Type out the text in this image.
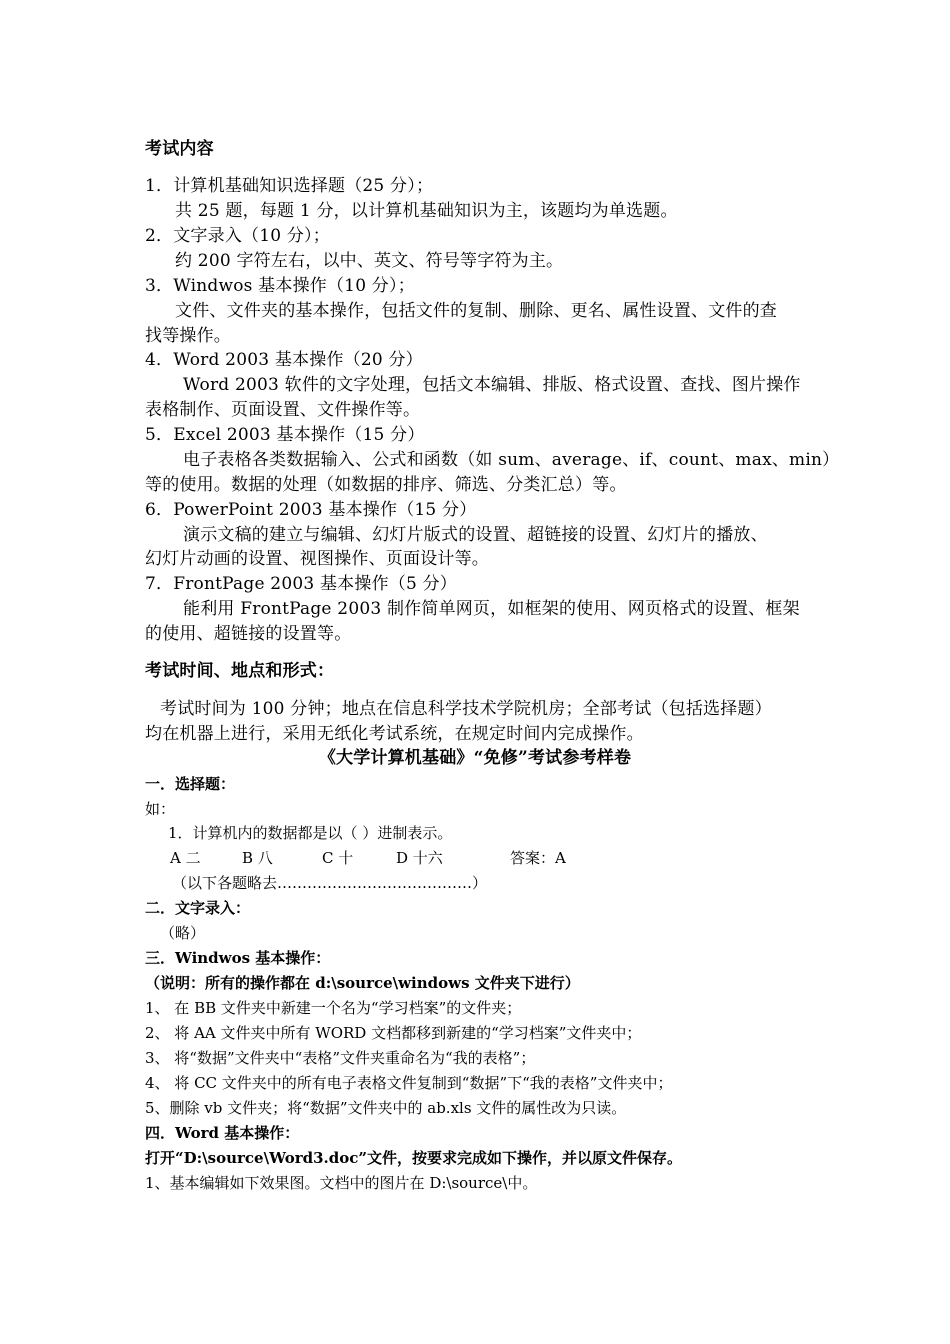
考试内容
1．计算机基础知识选择题（25 分）；
共 25 题，每题 1 分，以计算机基础知识为主，该题均为单选题。
2．文字录入（10 分）；
约 200 字符左右，以中、英文、符号等字符为主。
3．Windwos 基本操作（10 分）；
文件、文件夹的基本操作，包括文件的复制、删除、更名、属性设置、文件的查
找等操作。
4．Word 2003 基本操作（20 分）
Word 2003 软件的文字处理，包括文本编辑、排版、格式设置、查找、图片操作
表格制作、页面设置、文件操作等。
5．Excel 2003 基本操作（15 分）
电子表格各类数据输入、公式和函数（如 sum、average、if、count、max、min）
等的使用。数据的处理（如数据的排序、筛选、分类汇总）等。
6．PowerPoint 2003 基本操作（15 分）
演示文稿的建立与编辑、幻灯片版式的设置、超链接的设置、幻灯片的播放、
幻灯片动画的设置、视图操作、页面设计等。
7．FrontPage 2003 基本操作（5 分）
能利用 FrontPage 2003 制作简单网页，如框架的使用、网页格式的设置、框架
的使用、超链接的设置等。
考试时间、地点和形式：
考试时间为 100 分钟；地点在信息科学技术学院机房；全部考试（包括选择题）
均在机器上进行，采用无纸化考试系统，在规定时间内完成操作。
《大学计算机基础》“免修”考试参考样卷
一．选择题：
如：
1．计算机内的数据都是以（ ）进制表示。
A 二	B 八	C 十	D 十六	答案：A
（以下各题略去…………………………………）
二．文字录入：
（略）
三．Windwos 基本操作：
（说明：所有的操作都在 d:\source\windows 文件夹下进行）
1、 在 BB 文件夹中新建一个名为“学习档案”的文件夹；
2、 将 AA 文件夹中所有 WORD 文档都移到新建的“学习档案”文件夹中；
3、 将“数据”文件夹中“表格”文件夹重命名为“我的表格”；
4、 将 CC 文件夹中的所有电子表格文件复制到“数据”下“我的表格”文件夹中；
5、删除 vb 文件夹；将“数据”文件夹中的 ab.xls 文件的属性改为只读。
四．Word 基本操作：
打开“D:\source\Word3.doc”文件，按要求完成如下操作，并以原文件保存。
1、基本编辑如下效果图。文档中的图片在 D:\source\中。
